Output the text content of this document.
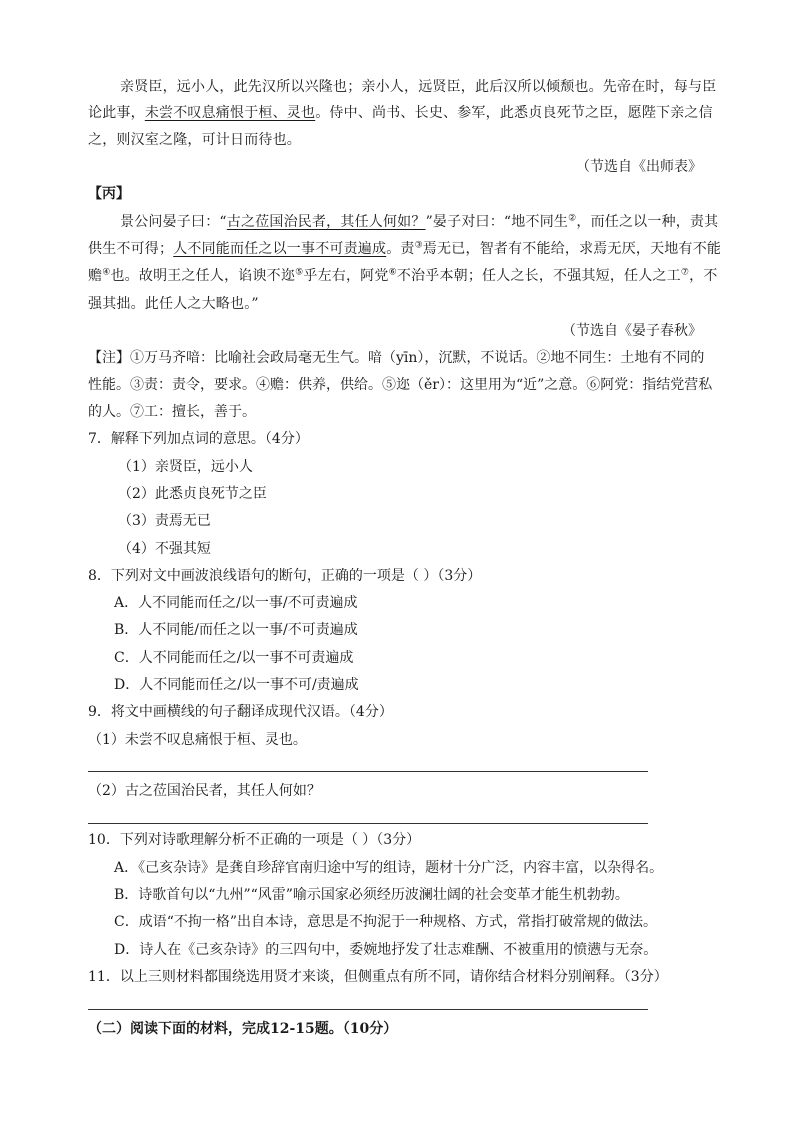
亲贤臣，远小人，此先汉所以兴隆也；亲小人，远贤臣，此后汉所以倾颓也。先帝在时，每与臣
论此事，未尝不叹息痛恨于桓、灵也。侍中、尚书、长史、参军，此悉贞良死节之臣，愿陛下亲之信
之，则汉室之隆，可计日而待也。
（节选自《出师表》
【丙】
景公问晏子曰：“古之莅国治民者，其任人何如？”晏子对曰：“地不同生②，而任之以一种，责其
供生不可得；人不同能而任之以一事不可责遍成。责③焉无已，智者有不能给，求焉无厌，天地有不能
赡④也。故明王之任人，谄谀不迩⑤乎左右，阿党⑥不治乎本朝；任人之长，不强其短，任人之工⑦，不
强其拙。此任人之大略也。”
（节选自《晏子春秋》
【注】①万马齐喑：比喻社会政局毫无生气。喑（yīn），沉默，不说话。②地不同生：土地有不同的
性能。③责：责令，要求。④赡：供养，供给。⑤迩（ěr）：这里用为“近”之意。⑥阿党：指结党营私
的人。⑦工：擅长，善于。
7．解释下列加点词的意思。（4分）
（1）亲贤臣，远小人
（2）此悉贞良死节之臣
（3）责焉无已
（4）不强其短
8．下列对文中画波浪线语句的断句，正确的一项是（ ）（3分）
A．人不同能而任之/以一事/不可责遍成
B．人不同能/而任之以一事/不可责遍成
C．人不同能而任之/以一事不可责遍成
D．人不同能而任之/以一事不可/责遍成
9．将文中画横线的句子翻译成现代汉语。（4分）
（1）未尝不叹息痛恨于桓、灵也。
（2）古之莅国治民者，其任人何如？
10．下列对诗歌理解分析不正确的一项是（ ）（3分）
A．《己亥杂诗》是龚自珍辞官南归途中写的组诗，题材十分广泛，内容丰富，以杂得名。
B．诗歌首句以“九州”“风雷”喻示国家必须经历波澜壮阔的社会变革才能生机勃勃。
C．成语“不拘一格”出自本诗，意思是不拘泥于一种规格、方式，常指打破常规的做法。
D．诗人在《己亥杂诗》的三四句中，委婉地抒发了壮志难酬、不被重用的愤懑与无奈。
11．以上三则材料都围绕选用贤才来谈，但侧重点有所不同，请你结合材料分别阐释。（3分）
（二）阅读下面的材料，完成12-15题。（10分）
